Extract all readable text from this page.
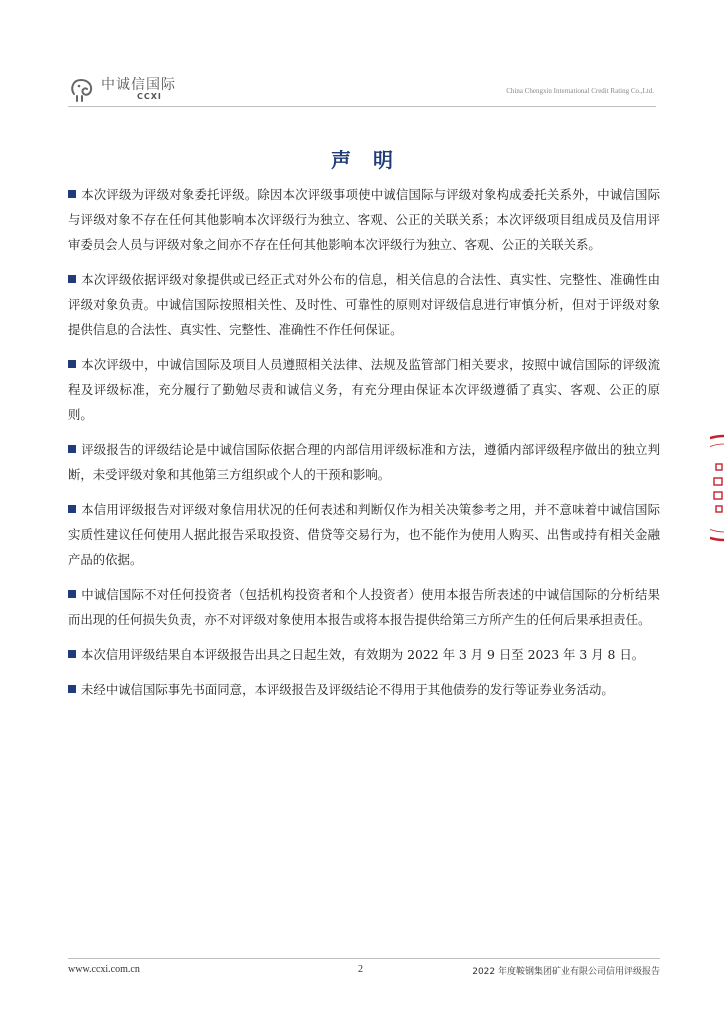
中诚信国际
CCXI
China Chengxin International Credit Rating Co.,Ltd.
声明

本次评级为评级对象委托评级。除因本次评级事项使中诚信国际与评级对象构成委托关系外，中诚信国际与评级对象不存在任何其他影响本次评级行为独立、客观、公正的关联关系；本次评级项目组成员及信用评审委员会人员与评级对象之间亦不存在任何其他影响本次评级行为独立、客观、公正的关联关系。

本次评级依据评级对象提供或已经正式对外公布的信息，相关信息的合法性、真实性、完整性、准确性由评级对象负责。中诚信国际按照相关性、及时性、可靠性的原则对评级信息进行审慎分析，但对于评级对象提供信息的合法性、真实性、完整性、准确性不作任何保证。

本次评级中，中诚信国际及项目人员遵照相关法律、法规及监管部门相关要求，按照中诚信国际的评级流程及评级标准，充分履行了勤勉尽责和诚信义务，有充分理由保证本次评级遵循了真实、客观、公正的原则。

评级报告的评级结论是中诚信国际依据合理的内部信用评级标准和方法，遵循内部评级程序做出的独立判断，未受评级对象和其他第三方组织或个人的干预和影响。

本信用评级报告对评级对象信用状况的任何表述和判断仅作为相关决策参考之用，并不意味着中诚信国际实质性建议任何使用人据此报告采取投资、借贷等交易行为，也不能作为使用人购买、出售或持有相关金融产品的依据。

中诚信国际不对任何投资者（包括机构投资者和个人投资者）使用本报告所表述的中诚信国际的分析结果而出现的任何损失负责，亦不对评级对象使用本报告或将本报告提供给第三方所产生的任何后果承担责任。

本次信用评级结果自本评级报告出具之日起生效，有效期为 2022 年 3 月 9 日至 2023 年 3 月 8 日。

未经中诚信国际事先书面同意，本评级报告及评级结论不得用于其他债券的发行等证券业务活动。

www.ccxi.com.cn	2	2022 年度鞍钢集团矿业有限公司信用评级报告
